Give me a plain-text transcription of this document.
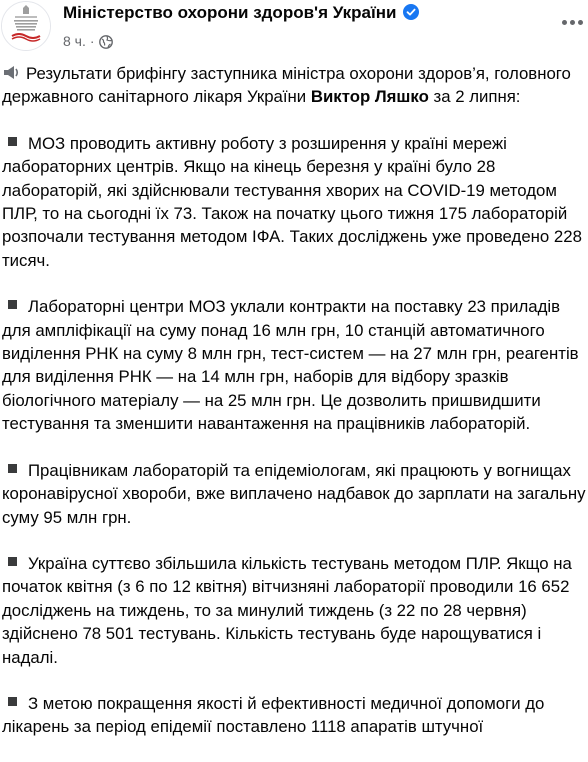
Міністерство охорони здоров'я України
8 ч. ·

Результати брифінгу заступника міністра охорони здоров’я, головного державного санітарного лікаря України Виктор Ляшко за 2 липня:

МОЗ проводить активну роботу з розширення у країні мережі лабораторних центрів. Якщо на кінець березня у країні було 28 лабораторій, які здійснювали тестування хворих на COVID-19 методом ПЛР, то на сьогодні їх 73. Також на початку цього тижня 175 лабораторій розпочали тестування методом ІФА. Таких досліджень уже проведено 228 тисяч.

Лабораторні центри МОЗ уклали контракти на поставку 23 приладів для ампліфікації на суму понад 16 млн грн, 10 станцій автоматичного виділення РНК на суму 8 млн грн, тест-систем — на 27 млн грн, реагентів для виділення РНК — на 14 млн грн, наборів для відбору зразків біологічного матеріалу — на 25 млн грн. Це дозволить пришвидшити тестування та зменшити навантаження на працівників лабораторій.

Працівникам лабораторій та епідеміологам, які працюють у вогнищах коронавірусної хвороби, вже виплачено надбавок до зарплати на загальну суму 95 млн грн.

Україна суттєво збільшила кількість тестувань методом ПЛР. Якщо на початок квітня (з 6 по 12 квітня) вітчизняні лабораторії проводили 16 652 досліджень на тиждень, то за минулий тиждень (з 22 по 28 червня) здійснено 78 501 тестувань. Кількість тестувань буде нарощуватися і надалі.

З метою покращення якості й ефективності медичної допомоги до лікарень за період епідемії поставлено 1118 апаратів штучної
